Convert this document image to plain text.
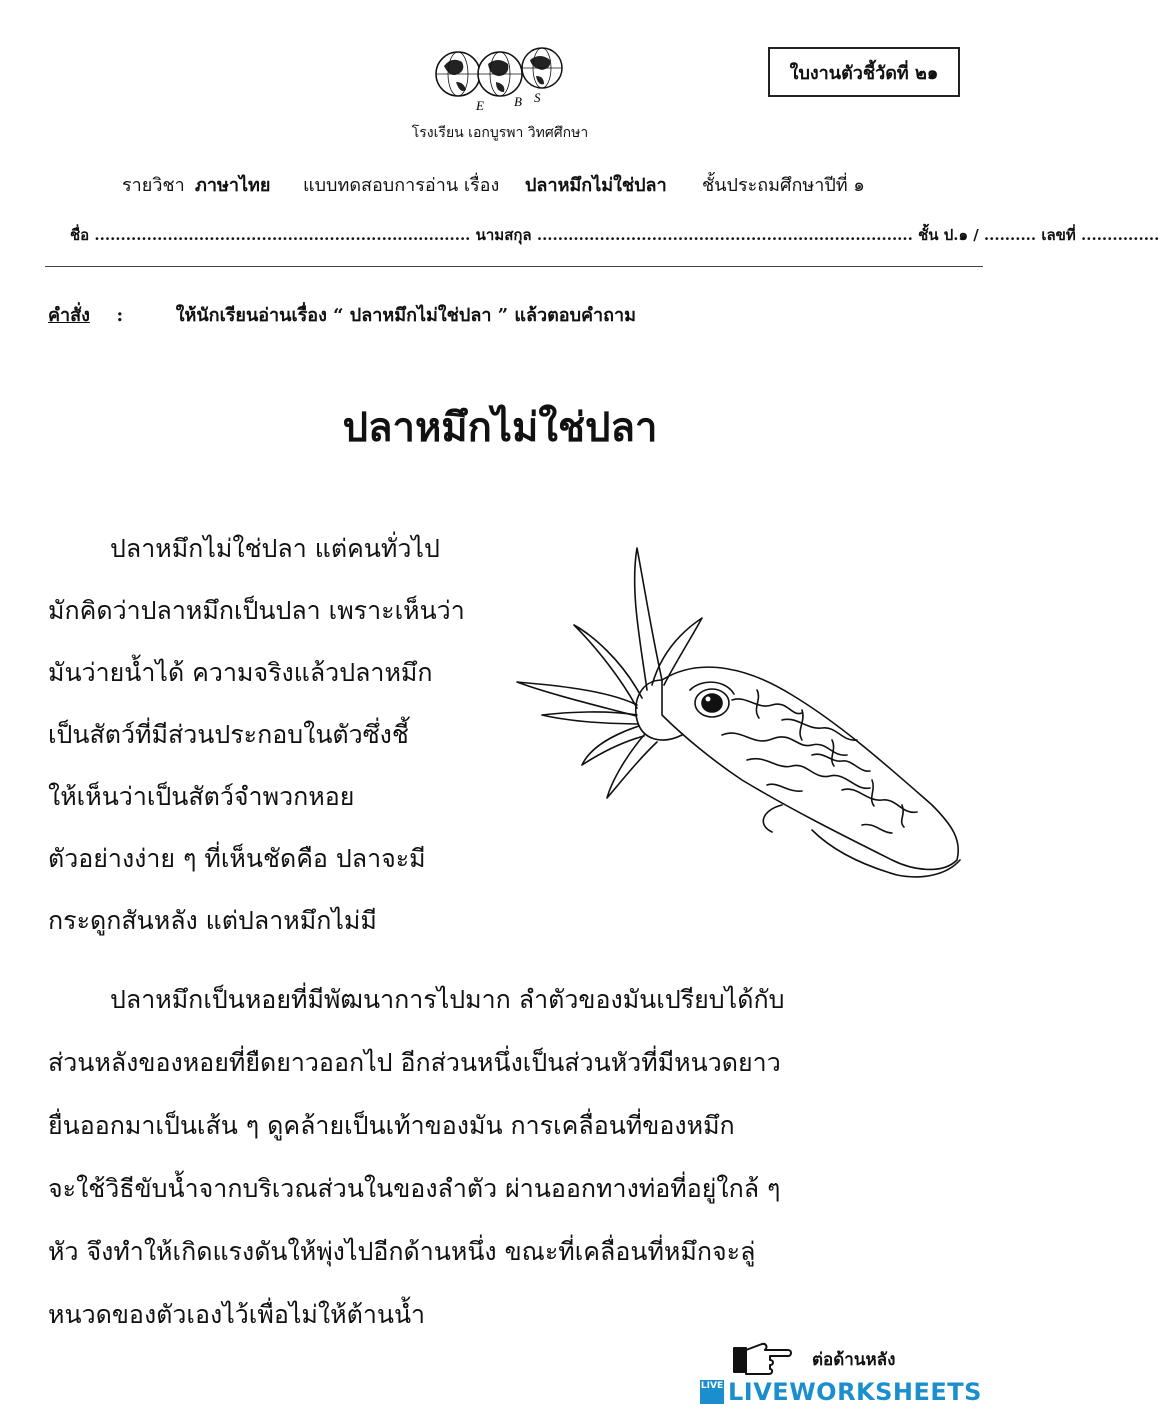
ใบงานตัวชี้วัดที่ ๒๑
E B S
โรงเรียน เอกบูรพา วิทศศึกษา
รายวิชา ภาษาไทย แบบทดสอบการอ่าน เรื่อง ปลาหมึกไม่ใช่ปลา ชั้นประถมศึกษาปีที่ ๑
ชื่อ ........................................................................ นามสกุล ........................................................................ ชั้น ป.๑ / .......... เลขที่ ...............
คำสั่ง :	ให้นักเรียนอ่านเรื่อง “ ปลาหมึกไม่ใช่ปลา ” แล้วตอบคำถาม
ปลาหมึกไม่ใช่ปลา
ปลาหมึกไม่ใช่ปลา แต่คนทั่วไป
มักคิดว่าปลาหมึกเป็นปลา เพราะเห็นว่า
มันว่ายน้ำได้ ความจริงแล้วปลาหมึก
เป็นสัตว์ที่มีส่วนประกอบในตัวซึ่งชี้
ให้เห็นว่าเป็นสัตว์จำพวกหอย
ตัวอย่างง่าย ๆ ที่เห็นชัดคือ ปลาจะมี
กระดูกสันหลัง แต่ปลาหมึกไม่มี
ปลาหมึกเป็นหอยที่มีพัฒนาการไปมาก ลำตัวของมันเปรียบได้กับ
ส่วนหลังของหอยที่ยืดยาวออกไป อีกส่วนหนึ่งเป็นส่วนหัวที่มีหนวดยาว
ยื่นออกมาเป็นเส้น ๆ ดูคล้ายเป็นเท้าของมัน การเคลื่อนที่ของหมึก
จะใช้วิธีขับน้ำจากบริเวณส่วนในของลำตัว ผ่านออกทางท่อที่อยู่ใกล้ ๆ
หัว จึงทำให้เกิดแรงดันให้พุ่งไปอีกด้านหนึ่ง ขณะที่เคลื่อนที่หมึกจะลู่
หนวดของตัวเองไว้เพื่อไม่ให้ต้านน้ำ
ต่อด้านหลัง
LIVE LIVEWORKSHEETS
